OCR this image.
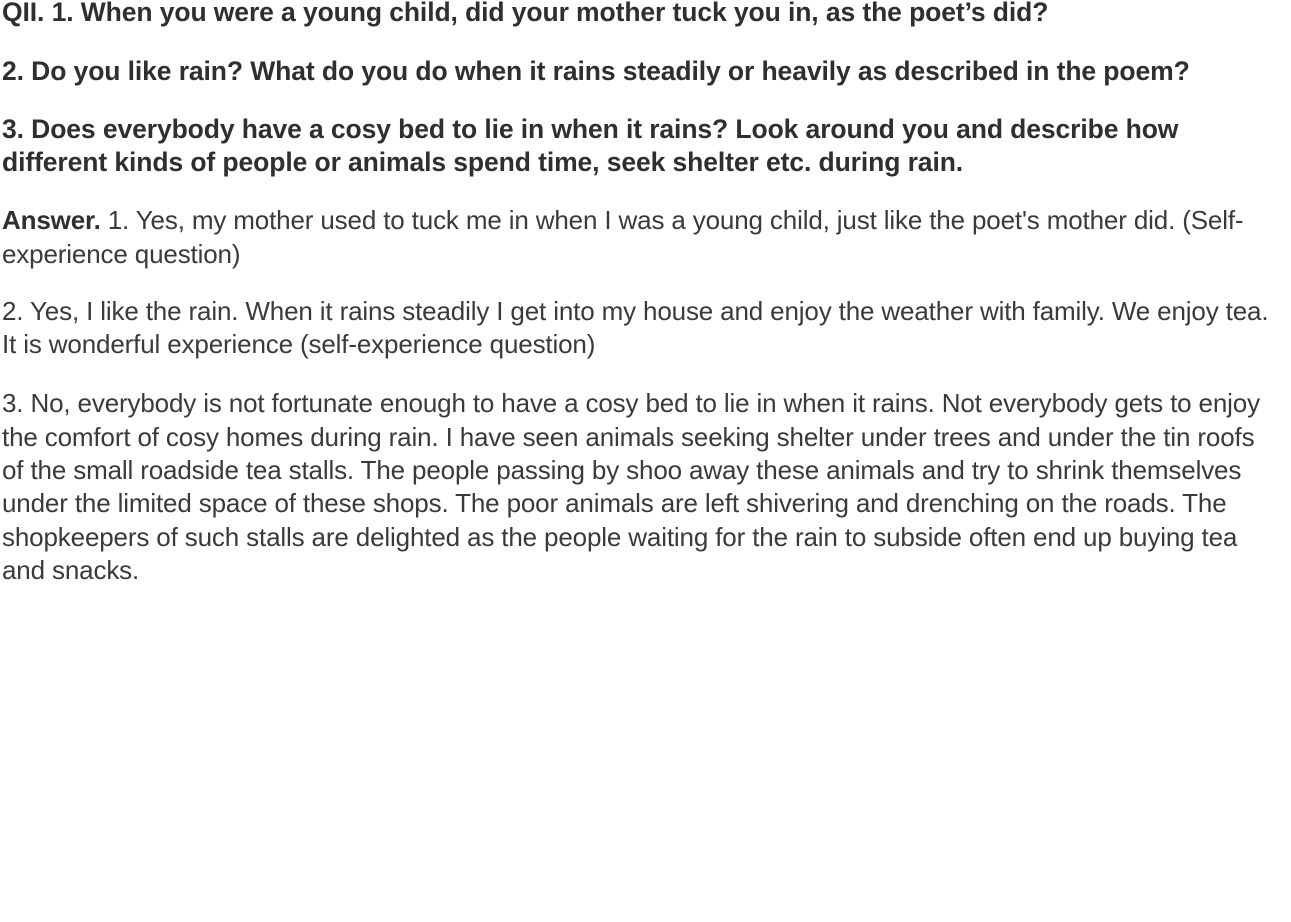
QII. 1. When you were a young child, did your mother tuck you in, as the poet’s did?

2. Do you like rain? What do you do when it rains steadily or heavily as described in the poem?

3. Does everybody have a cosy bed to lie in when it rains? Look around you and describe how different kinds of people or animals spend time, seek shelter etc. during rain.

Answer. 1. Yes, my mother used to tuck me in when I was a young child, just like the poet's mother did. (Self-experience question)

2. Yes, I like the rain. When it rains steadily I get into my house and enjoy the weather with family. We enjoy tea. It is wonderful experience (self-experience question)

3. No, everybody is not fortunate enough to have a cosy bed to lie in when it rains. Not everybody gets to enjoy the comfort of cosy homes during rain. I have seen animals seeking shelter under trees and under the tin roofs of the small roadside tea stalls. The people passing by shoo away these animals and try to shrink themselves under the limited space of these shops. The poor animals are left shivering and drenching on the roads. The shopkeepers of such stalls are delighted as the people waiting for the rain to subside often end up buying tea and snacks.
